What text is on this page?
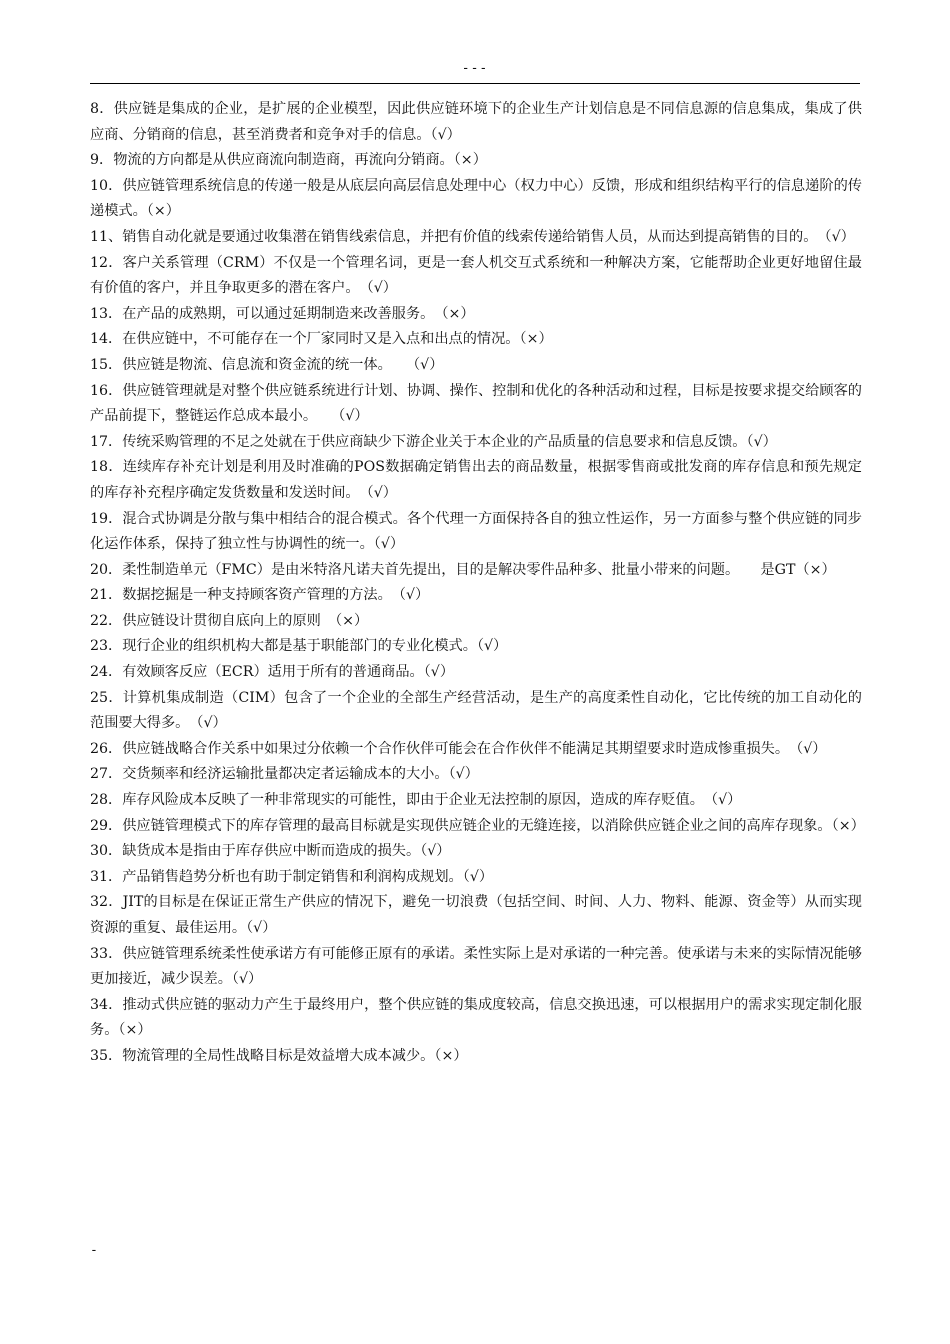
---

8．供应链是集成的企业，是扩展的企业模型，因此供应链环境下的企业生产计划信息是不同信息源的信息集成，集成了供应商、分销商的信息，甚至消费者和竞争对手的信息。（√）

9．物流的方向都是从供应商流向制造商，再流向分销商。（×）

10．供应链管理系统信息的传递一般是从底层向高层信息处理中心（权力中心）反馈，形成和组织结构平行的信息递阶的传递模式。（×）

11、销售自动化就是要通过收集潜在销售线索信息，并把有价值的线索传递给销售人员，从而达到提高销售的目的。　（√）

12．客户关系管理（CRM）不仅是一个管理名词，更是一套人机交互式系统和一种解决方案，它能帮助企业更好地留住最有价值的客户，并且争取更多的潜在客户。　（√）

13．在产品的成熟期，可以通过延期制造来改善服务。　（×）

14．在供应链中，不可能存在一个厂家同时又是入点和出点的情况。（×）

15．供应链是物流、信息流和资金流的统一体。　　（√）

16．供应链管理就是对整个供应链系统进行计划、协调、操作、控制和优化的各种活动和过程，目标是按要求提交给顾客的产品前提下，整链运作总成本最小。　　（√）

17．传统采购管理的不足之处就在于供应商缺少下游企业关于本企业的产品质量的信息要求和信息反馈。（√）

18．连续库存补充计划是利用及时准确的POS数据确定销售出去的商品数量，根据零售商或批发商的库存信息和预先规定的库存补充程序确定发货数量和发送时间。　（√）

19．混合式协调是分散与集中相结合的混合模式。各个代理一方面保持各自的独立性运作，另一方面参与整个供应链的同步化运作体系，保持了独立性与协调性的统一。（√）

20．柔性制造单元（FMC）是由米特洛凡诺夫首先提出，目的是解决零件品种多、批量小带来的问题。　　是GT（×）

21．数据挖掘是一种支持顾客资产管理的方法。　（√）

22．供应链设计贯彻自底向上的原则　（×）

23．现行企业的组织机构大都是基于职能部门的专业化模式。（√）

24．有效顾客反应（ECR）适用于所有的普通商品。（√）

25．计算机集成制造（CIM）包含了一个企业的全部生产经营活动，是生产的高度柔性自动化，它比传统的加工自动化的范围要大得多。　（√）

26．供应链战略合作关系中如果过分依赖一个合作伙伴可能会在合作伙伴不能满足其期望要求时造成惨重损失。　（√）

27．交货频率和经济运输批量都决定者运输成本的大小。（√）

28．库存风险成本反映了一种非常现实的可能性，即由于企业无法控制的原因，造成的库存贬值。　（√）

29．供应链管理模式下的库存管理的最高目标就是实现供应链企业的无缝连接，以消除供应链企业之间的高库存现象。（×）

30．缺货成本是指由于库存供应中断而造成的损失。（√）

31．产品销售趋势分析也有助于制定销售和利润构成规划。（√）

32．JIT的目标是在保证正常生产供应的情况下，避免一切浪费（包括空间、时间、人力、物料、能源、资金等）从而实现资源的重复、最佳运用。（√）

33．供应链管理系统柔性使承诺方有可能修正原有的承诺。柔性实际上是对承诺的一种完善。使承诺与未来的实际情况能够更加接近，减少误差。（√）

34．推动式供应链的驱动力产生于最终用户，整个供应链的集成度较高，信息交换迅速，可以根据用户的需求实现定制化服务。（×）

35．物流管理的全局性战略目标是效益增大成本减少。（×）

-
